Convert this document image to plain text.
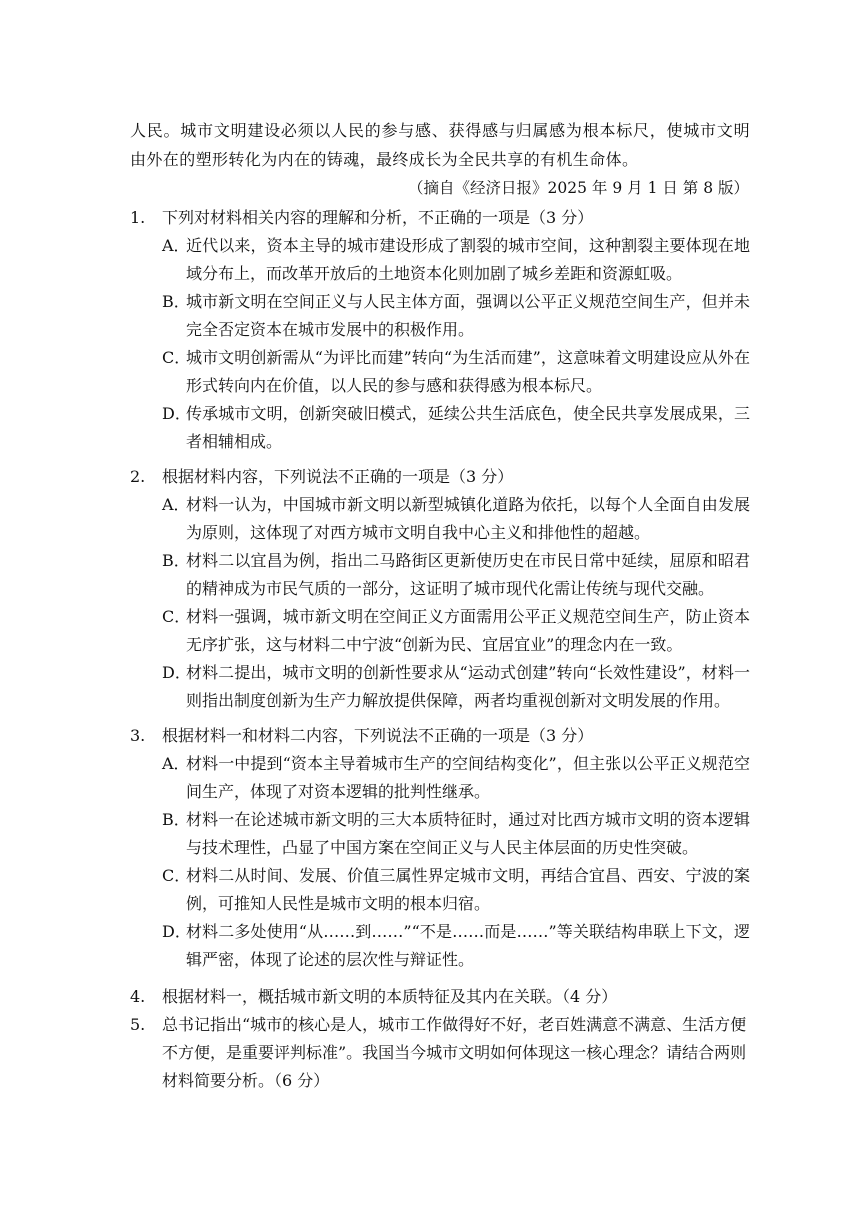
人民。城市文明建设必须以人民的参与感、获得感与归属感为根本标尺，使城市文明由外在的塑形转化为内在的铸魂，最终成长为全民共享的有机生命体。

（摘自《经济日报》2025 年 9 月 1 日 第 8 版）
1.	下列对材料相关内容的理解和分析，不正确的一项是（3 分）
A．
近代以来，资本主导的城市建设形成了割裂的城市空间，这种割裂主要体现在地域分布上，而改革开放后的土地资本化则加剧了城乡差距和资源虹吸。
B．
城市新文明在空间正义与人民主体方面，强调以公平正义规范空间生产，但并未完全否定资本在城市发展中的积极作用。
C．
城市文明创新需从“为评比而建”转向“为生活而建”，这意味着文明建设应从外在形式转向内在价值，以人民的参与感和获得感为根本标尺。
D．
传承城市文明，创新突破旧模式，延续公共生活底色，使全民共享发展成果，三者相辅相成。
2.	根据材料内容，下列说法不正确的一项是（3 分）
A．
材料一认为，中国城市新文明以新型城镇化道路为依托，以每个人全面自由发展为原则，这体现了对西方城市文明自我中心主义和排他性的超越。
B．
材料二以宜昌为例，指出二马路街区更新使历史在市民日常中延续，屈原和昭君的精神成为市民气质的一部分，这证明了城市现代化需让传统与现代交融。
C．
材料一强调，城市新文明在空间正义方面需用公平正义规范空间生产，防止资本无序扩张，这与材料二中宁波“创新为民、宜居宜业”的理念内在一致。
D．
材料二提出，城市文明的创新性要求从“运动式创建”转向“长效性建设”，材料一则指出制度创新为生产力解放提供保障，两者均重视创新对文明发展的作用。
3.	根据材料一和材料二内容，下列说法不正确的一项是（3 分）
A．
材料一中提到“资本主导着城市生产的空间结构变化”，但主张以公平正义规范空间生产，体现了对资本逻辑的批判性继承。
B．
材料一在论述城市新文明的三大本质特征时，通过对比西方城市文明的资本逻辑与技术理性，凸显了中国方案在空间正义与人民主体层面的历史性突破。
C．
材料二从时间、发展、价值三属性界定城市文明，再结合宜昌、西安、宁波的案例，可推知人民性是城市文明的根本归宿。
D．
材料二多处使用“从……到……”“不是……而是……”等关联结构串联上下文，逻辑严密，体现了论述的层次性与辩证性。
4.	根据材料一，概括城市新文明的本质特征及其内在关联。（4 分）
5.	总书记指出“城市的核心是人，城市工作做得好不好，老百姓满意不满意、生活方便不方便，是重要评判标准”。我国当今城市文明如何体现这一核心理念？请结合两则材料简要分析。（6 分）
